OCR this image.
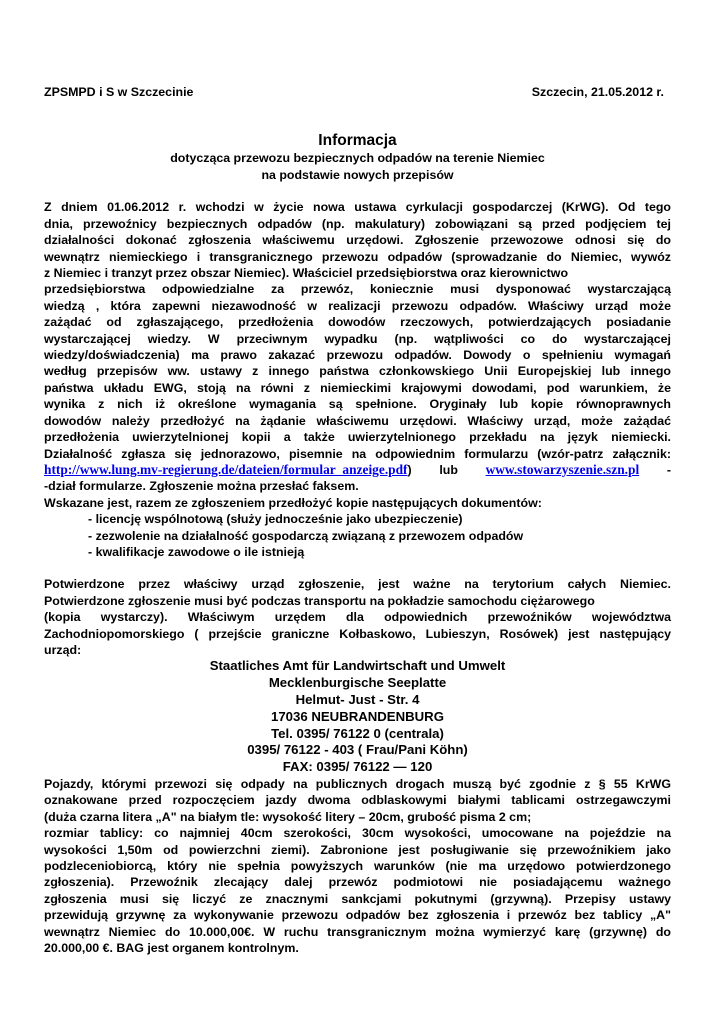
ZPSMPD i S w Szczecinie	Szczecin, 21.05.2012 r.
Informacja
dotycząca przewozu bezpiecznych odpadów na terenie Niemiec
na podstawie nowych przepisów
Z dniem 01.06.2012 r. wchodzi w życie nowa ustawa cyrkulacji gospodarczej (KrWG). Od tego
dnia, przewoźnicy bezpiecznych odpadów (np. makulatury) zobowiązani są przed podjęciem tej
działalności dokonać zgłoszenia właściwemu urzędowi. Zgłoszenie przewozowe odnosi się do
wewnątrz niemieckiego i transgranicznego przewozu odpadów (sprowadzanie do Niemiec, wywóz
z Niemiec i tranzyt przez obszar Niemiec). Właściciel przedsiębiorstwa oraz kierownictwo
przedsiębiorstwa odpowiedzialne za przewóz, koniecznie musi dysponować wystarczającą
wiedzą , która zapewni niezawodność w realizacji przewozu odpadów. Właściwy urząd może
zażądać od zgłaszającego, przedłożenia dowodów rzeczowych, potwierdzających posiadanie
wystarczającej wiedzy. W przeciwnym wypadku (np. wątpliwości co do wystarczającej
wiedzy/doświadczenia) ma prawo zakazać przewozu odpadów. Dowody o spełnieniu wymagań
według przepisów ww. ustawy z innego państwa członkowskiego Unii Europejskiej lub innego
państwa układu EWG, stoją na równi z niemieckimi krajowymi dowodami, pod warunkiem, że
wynika z nich iż określone wymagania są spełnione. Oryginały lub kopie równoprawnych
dowodów należy przedłożyć na żądanie właściwemu urzędowi. Właściwy urząd, może zażądać
przedłożenia uwierzytelnionej kopii a także uwierzytelnionego przekładu na język niemiecki.
Działalność zgłasza się jednorazowo, pisemnie na odpowiednim formularzu (wzór-patrz załącznik:
http://www.lung.mv-regierung.de/dateien/formular_anzeige.pdf) lub www.stowarzyszenie.szn.pl -
-dział formularze. Zgłoszenie można przesłać faksem.
Wskazane jest, razem ze zgłoszeniem przedłożyć kopie następujących dokumentów:
- licencję wspólnotową (służy jednocześnie jako ubezpieczenie)
- zezwolenie na działalność gospodarczą związaną z przewozem odpadów
- kwalifikacje zawodowe o ile istnieją
Potwierdzone przez właściwy urząd zgłoszenie, jest ważne na terytorium całych Niemiec.
Potwierdzone zgłoszenie musi być podczas transportu na pokładzie samochodu ciężarowego
(kopia wystarczy). Właściwym urzędem dla odpowiednich przewoźników województwa
Zachodniopomorskiego ( przejście graniczne Kołbaskowo, Lubieszyn, Rosówek) jest następujący
urząd:
Staatliches Amt für Landwirtschaft und Umwelt
Mecklenburgische Seeplatte
Helmut- Just - Str. 4
17036 NEUBRANDENBURG
Tel. 0395/ 76122 0 (centrala)
0395/ 76122 - 403 ( Frau/Pani Köhn)
FAX: 0395/ 76122 — 120
Pojazdy, którymi przewozi się odpady na publicznych drogach muszą być zgodnie z § 55 KrWG
oznakowane przed rozpoczęciem jazdy dwoma odblaskowymi białymi tablicami ostrzegawczymi
(duża czarna litera „A" na białym tle: wysokość litery – 20cm, grubość pisma 2 cm;
rozmiar tablicy: co najmniej 40cm szerokości, 30cm wysokości, umocowane na pojeździe na
wysokości 1,50m od powierzchni ziemi). Zabronione jest posługiwanie się przewoźnikiem jako
podzleceniobiorcą, który nie spełnia powyższych warunków (nie ma urzędowo potwierdzonego
zgłoszenia). Przewoźnik zlecający dalej przewóz podmiotowi nie posiadającemu ważnego
zgłoszenia musi się liczyć ze znacznymi sankcjami pokutnymi (grzywną). Przepisy ustawy
przewidują grzywnę za wykonywanie przewozu odpadów bez zgłoszenia i przewóz bez tablicy „A"
wewnątrz Niemiec do 10.000,00€. W ruchu transgranicznym można wymierzyć karę (grzywnę) do
20.000,00 €. BAG jest organem kontrolnym.
